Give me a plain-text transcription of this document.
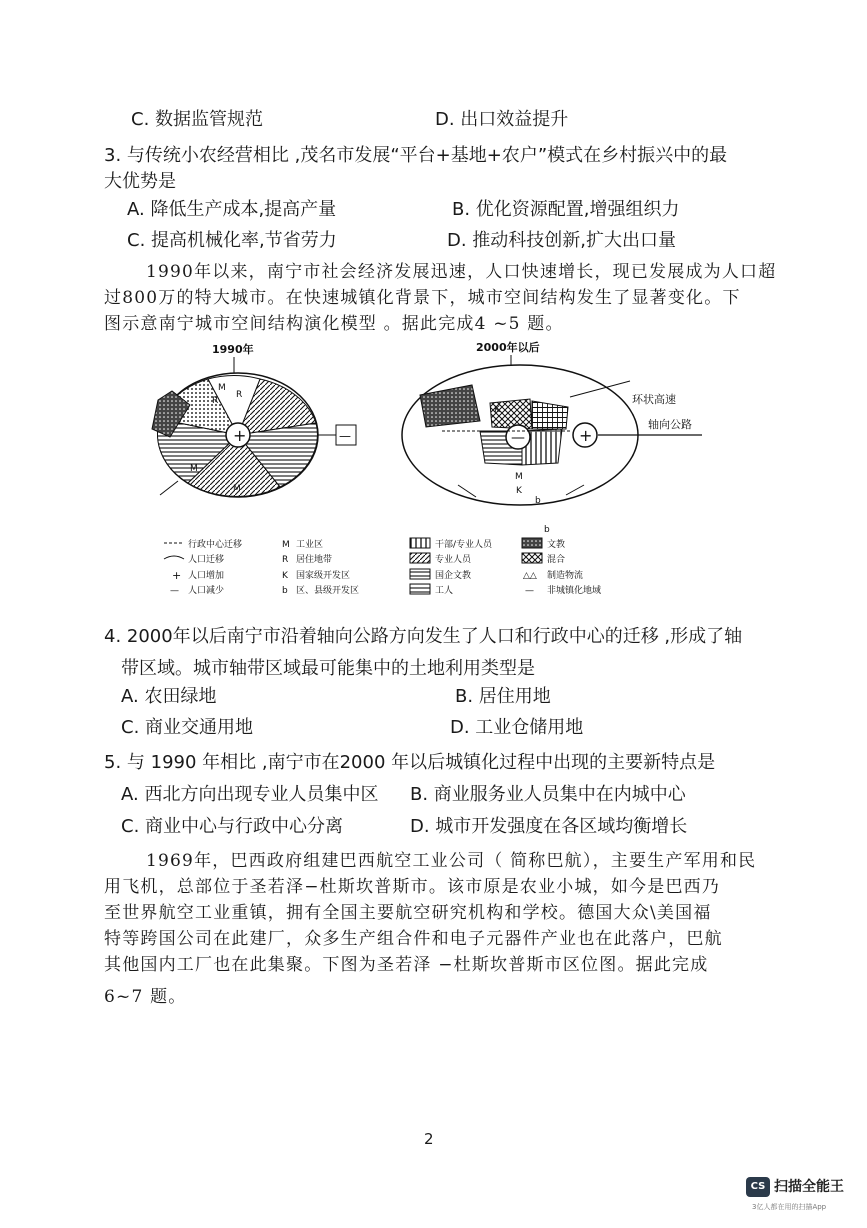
C. 数据监管规范	D. 出口效益提升
3. 与传统小农经营相比 ,茂名市发展“平台+基地+农户”模式在乡村振兴中的最
大优势是
A. 降低生产成本,提高产量	B. 优化资源配置,增强组织力
C. 提高机械化率,节省劳力	D. 推动科技创新,扩大出口量
1990年以来，南宁市社会经济发展迅速，人口快速增长，现已发展成为人口超
过800万的特大城市。在快速城镇化背景下，城市空间结构发生了显著变化。下
图示意南宁城市空间结构演化模型 。据此完成4 ~5 题。
1990年
+
M
R
R
M
M
—
2000年以后
—	+
K
M
K
b
b
环状高速
轴向公路
行政中心迁移
人口迁移
+ 人口增加
— 人口减少
M 工业区
R 居住地带
K 国家级开发区
b 区、县级开发区
干部/专业人员
专业人员
国企文教
工人
文教
混合
△△ 制造物流
— 非城镇化地域
4. 2000年以后南宁市沿着轴向公路方向发生了人口和行政中心的迁移 ,形成了轴
带区域。城市轴带区域最可能集中的土地利用类型是
A. 农田绿地	B. 居住用地
C. 商业交通用地	D. 工业仓储用地
5. 与 1990 年相比 ,南宁市在2000 年以后城镇化过程中出现的主要新特点是
A. 西北方向出现专业人员集中区 B. 商业服务业人员集中在内城中心
C. 商业中心与行政中心分离	D. 城市开发强度在各区域均衡增长
1969年，巴西政府组建巴西航空工业公司（ 简称巴航），主要生产军用和民
用飞机，总部位于圣若泽−杜斯坎普斯市。该市原是农业小城，如今是巴西乃
至世界航空工业重镇，拥有全国主要航空研究机构和学校。德国大众\美国福
特等跨国公司在此建厂，众多生产组合件和电子元器件产业也在此落户，巴航
其他国内工厂也在此集聚。下图为圣若泽 −杜斯坎普斯市区位图。据此完成
6~7 题。
2
CS 扫描全能王
3亿人都在用的扫描App
